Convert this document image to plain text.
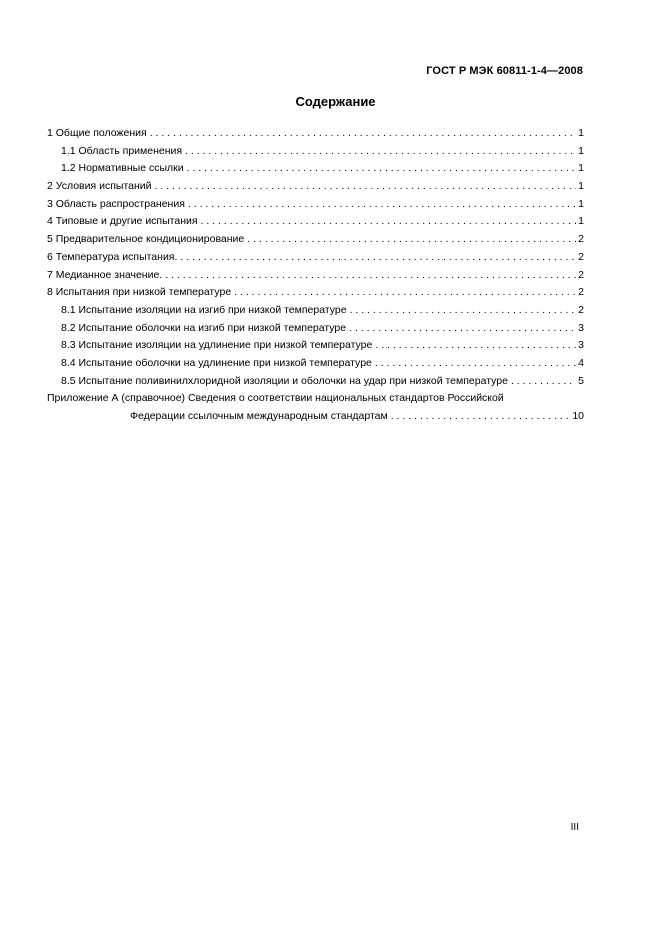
ГОСТ Р МЭК 60811-1-4—2008
Содержание
1 Общие положения . . .	1
1.1 Область применения . . .	1
1.2 Нормативные ссылки . . .	1
2 Условия испытаний . . .	1
3 Область распространения . . .	1
4 Типовые и другие испытания . . .	1
5 Предварительное кондиционирование . . .	2
6 Температура испытания. . . .	2
7 Медианное значение. . . .	2
8 Испытания при низкой температуре . . .	2
8.1 Испытание изоляции на изгиб при низкой температуре . . .	2
8.2 Испытание оболочки на изгиб при низкой температуре . . .	3
8.3 Испытание изоляции на удлинение при низкой температуре . . .	3
8.4 Испытание оболочки на удлинение при низкой температуре . . .	4
8.5 Испытание поливинилхлоридной изоляции и оболочки на удар при низкой температуре . . .	5
Приложение А (справочное) Сведения о соответствии национальных стандартов Российской
Федерации ссылочным международным стандартам . . .	10
III
